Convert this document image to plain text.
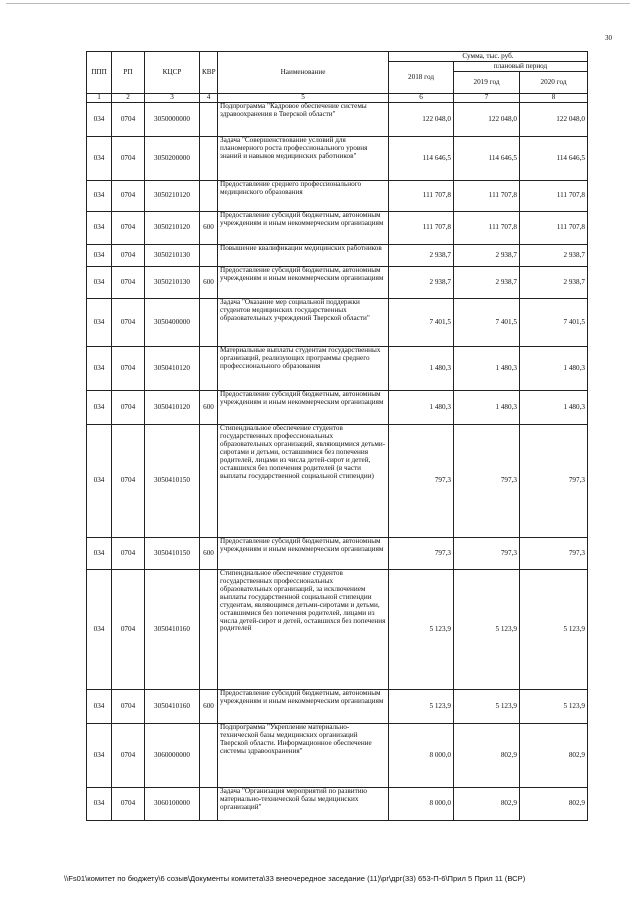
30
ППП	РП	КЦСР	КВР	Наименование	Сумма, тыс. руб.		
					2018 год	плановый период	
						2019 год	2020 год
1	2	3	4	5	6	7	8
034	0704	3050000000		Подпрограмма "Кадровое обеспечение системы здравоохранения в Тверской области"	122 048,0	122 048,0	122 048,0
034	0704	3050200000		Задача "Совершенствование условий для планомерного роста профессионального уровня знаний и навыков медицинских работников"	114 646,5	114 646,5	114 646,5
034	0704	3050210120		Предоставление среднего профессионального медицинского образования	111 707,8	111 707,8	111 707,8
034	0704	3050210120	600	Предоставление субсидий бюджетным, автономным учреждениям и иным некоммерческим организациям	111 707,8	111 707,8	111 707,8
034	0704	3050210130		Повышение квалификации медицинских работников	2 938,7	2 938,7	2 938,7
034	0704	3050210130	600	Предоставление субсидий бюджетным, автономным учреждениям и иным некоммерческим организациям	2 938,7	2 938,7	2 938,7
034	0704	3050400000		Задача "Оказание мер социальной поддержки студентов медицинских государственных образовательных учреждений Тверской области"	7 401,5	7 401,5	7 401,5
034	0704	3050410120		Материальные выплаты студентам государственных организаций, реализующих программы среднего профессионального образования	1 480,3	1 480,3	1 480,3
034	0704	3050410120	600	Предоставление субсидий бюджетным, автономным учреждениям и иным некоммерческим организациям	1 480,3	1 480,3	1 480,3
034	0704	3050410150		Стипендиальное обеспечение студентов государственных профессиональных образовательных организаций, являющимися детьми-сиротами и детьми, оставшимися без попечения родителей, лицами из числа детей-сирот и детей, оставшихся без попечения родителей (в части выплаты государственной социальной стипендии)	797,3	797,3	797,3
034	0704	3050410150	600	Предоставление субсидий бюджетным, автономным учреждениям и иным некоммерческим организациям	797,3	797,3	797,3
034	0704	3050410160		Стипендиальное обеспечение студентов государственных профессиональных образовательных организаций, за исключением выплаты государственной социальной стипендии студентам, являющимся детьми-сиротами и детьми, оставшимися без попечения родителей, лицами из числа детей-сирот и детей, оставшихся без попечения родителей	5 123,9	5 123,9	5 123,9
034	0704	3050410160	600	Предоставление субсидий бюджетным, автономным учреждениям и иным некоммерческим организациям	5 123,9	5 123,9	5 123,9
034	0704	3060000000		Подпрограмма "Укрепление материально-технической базы медицинских организаций Тверской области. Информационное обеспечение системы здравоохранения"	8 000,0	802,9	802,9
034	0704	3060100000		Задача "Организация мероприятий по развитию материально-технической базы медицинских организаций"	8 000,0	802,9	802,9
\\Fs01\комитет по бюджету\6 созыв\Документы комитета\33 внеочередное заседание (11)\pr\дрг(33) 653-П-6\Прил 5 Прил 11 (ВСР)
